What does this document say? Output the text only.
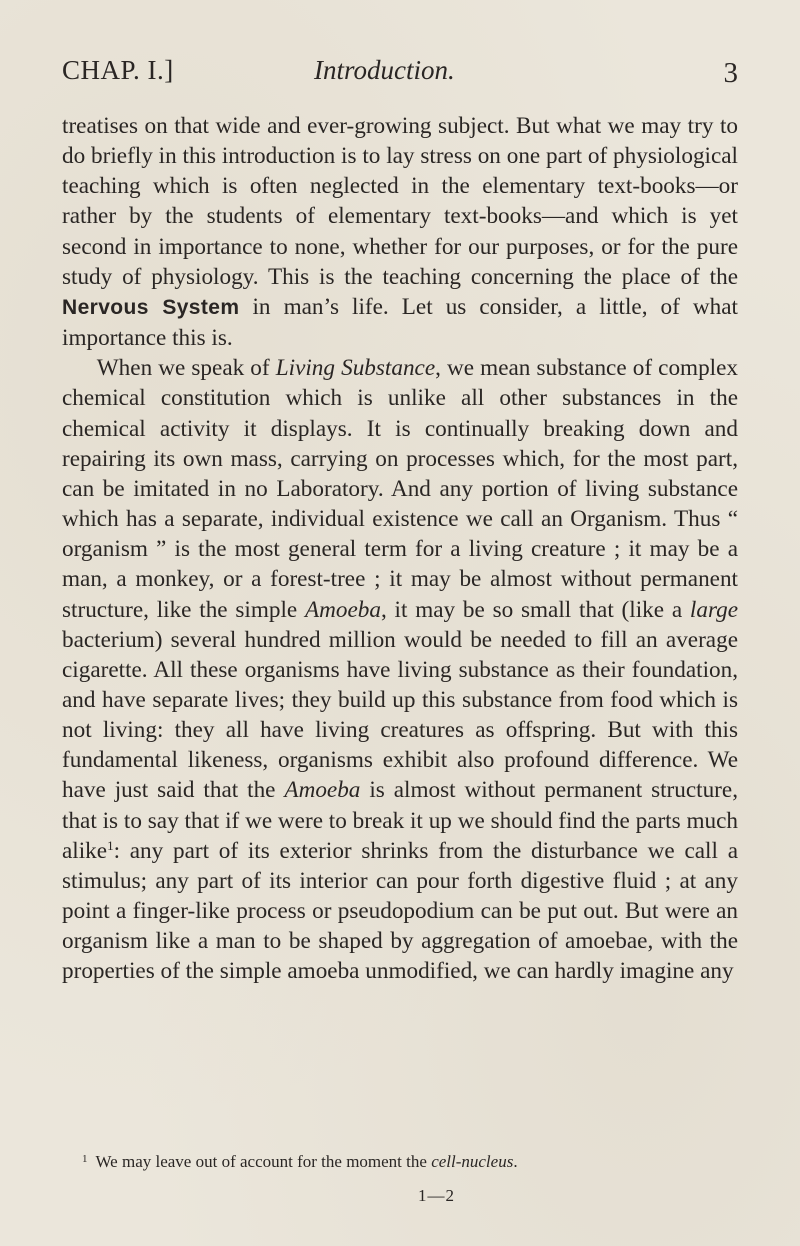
CHAP. I.]	Introduction.	3

treatises on that wide and ever-growing subject. But what we may try to do briefly in this introduction is to lay stress on one part of physiological teaching which is often neglected in the elementary text-books—or rather by the students of elementary text-books—and which is yet second in importance to none, whether for our purposes, or for the pure study of physiology. This is the teaching concerning the place of the Nervous System in man’s life. Let us consider, a little, of what importance this is.

When we speak of Living Substance, we mean substance of complex chemical constitution which is unlike all other substances in the chemical activity it displays. It is continually breaking down and repairing its own mass, carrying on processes which, for the most part, can be imitated in no Laboratory. And any portion of living substance which has a separate, individual existence we call an Organism. Thus “ organism ” is the most general term for a living creature ; it may be a man, a monkey, or a forest-tree ; it may be almost without permanent structure, like the simple Amoeba, it may be so small that (like a large bacterium) several hundred million would be needed to fill an average cigarette. All these organisms have living substance as their foundation, and have separate lives; they build up this substance from food which is not living: they all have living creatures as offspring. But with this fundamental likeness, organisms exhibit also profound difference. We have just said that the Amoeba is almost without permanent structure, that is to say that if we were to break it up we should find the parts much alike$^1$: any part of its exterior shrinks from the disturbance we call a stimulus; any part of its interior can pour forth digestive fluid ; at any point a finger-like process or pseudopodium can be put out. But were an organism like a man to be shaped by aggregation of amoebae, with the properties of the simple amoeba unmodified, we can hardly imagine any

$^1$ We may leave out of account for the moment the cell-nucleus.
1—2
